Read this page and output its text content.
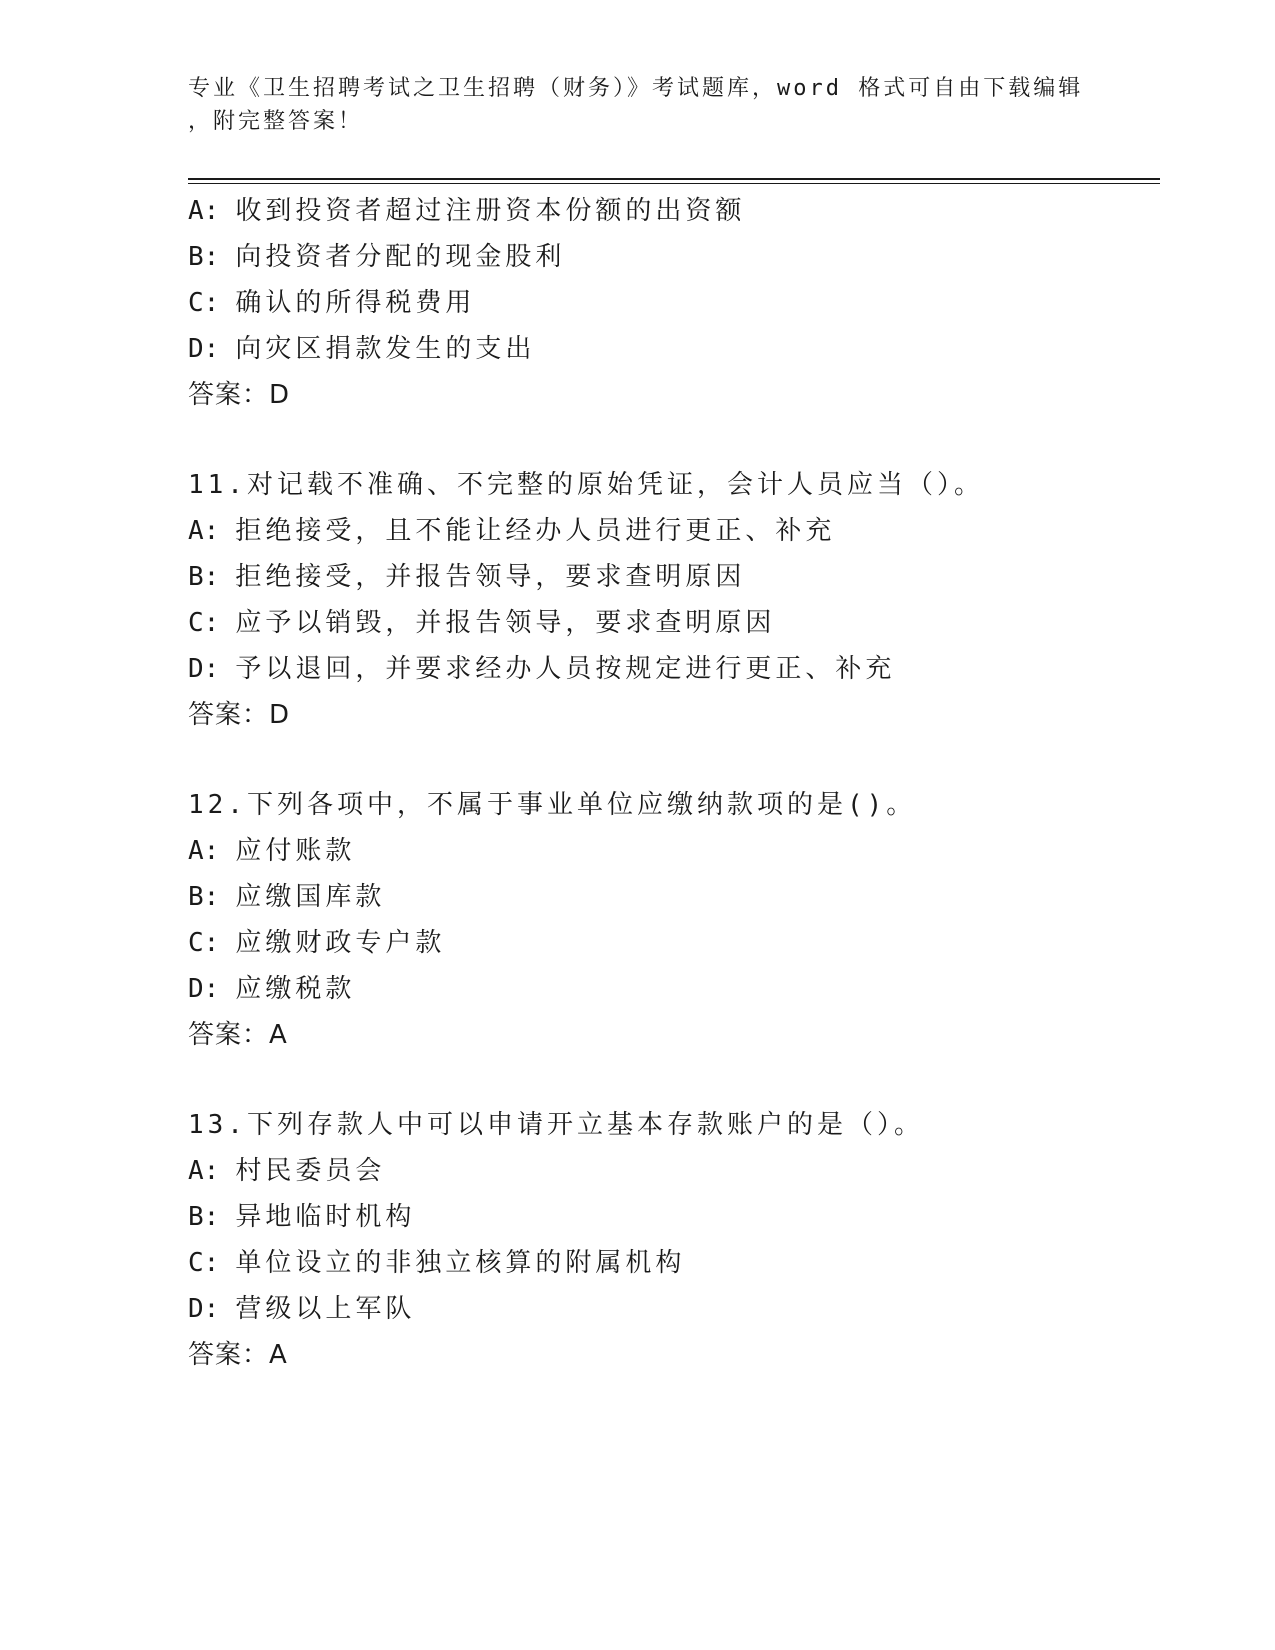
专业《卫生招聘考试之卫生招聘（财务）》考试题库，word 格式可自由下载编辑
，附完整答案！
A: 收到投资者超过注册资本份额的出资额
B: 向投资者分配的现金股利
C: 确认的所得税费用
D: 向灾区捐款发生的支出
答案：D
11.对记载不准确、不完整的原始凭证，会计人员应当（）。
A: 拒绝接受，且不能让经办人员进行更正、补充
B: 拒绝接受，并报告领导，要求查明原因
C: 应予以销毁，并报告领导，要求查明原因
D: 予以退回，并要求经办人员按规定进行更正、补充
答案：D
12.下列各项中，不属于事业单位应缴纳款项的是()。
A: 应付账款
B: 应缴国库款
C: 应缴财政专户款
D: 应缴税款
答案：A
13.下列存款人中可以申请开立基本存款账户的是（）。
A: 村民委员会
B: 异地临时机构
C: 单位设立的非独立核算的附属机构
D: 营级以上军队
答案：A
